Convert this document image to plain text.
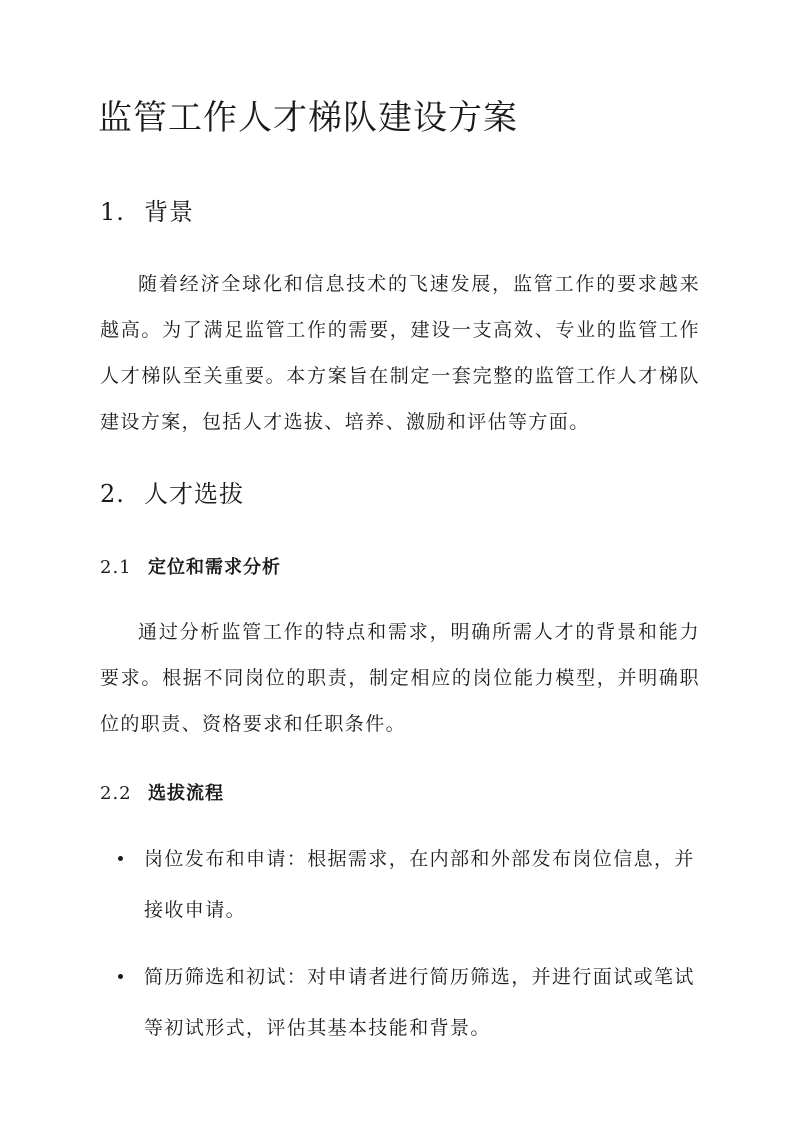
监管工作人才梯队建设方案
1. 背景

随着经济全球化和信息技术的飞速发展，监管工作的要求越来越高。为了满足监管工作的需要，建设一支高效、专业的监管工作人才梯队至关重要。本方案旨在制定一套完整的监管工作人才梯队建设方案，包括人才选拔、培养、激励和评估等方面。

2. 人才选拔
2.1 定位和需求分析

通过分析监管工作的特点和需求，明确所需人才的背景和能力要求。根据不同岗位的职责，制定相应的岗位能力模型，并明确职位的职责、资格要求和任职条件。

2.2 选拔流程
岗位发布和申请：根据需求，在内部和外部发布岗位信息，并接收申请。
简历筛选和初试：对申请者进行简历筛选，并进行面试或笔试等初试形式，评估其基本技能和背景。
